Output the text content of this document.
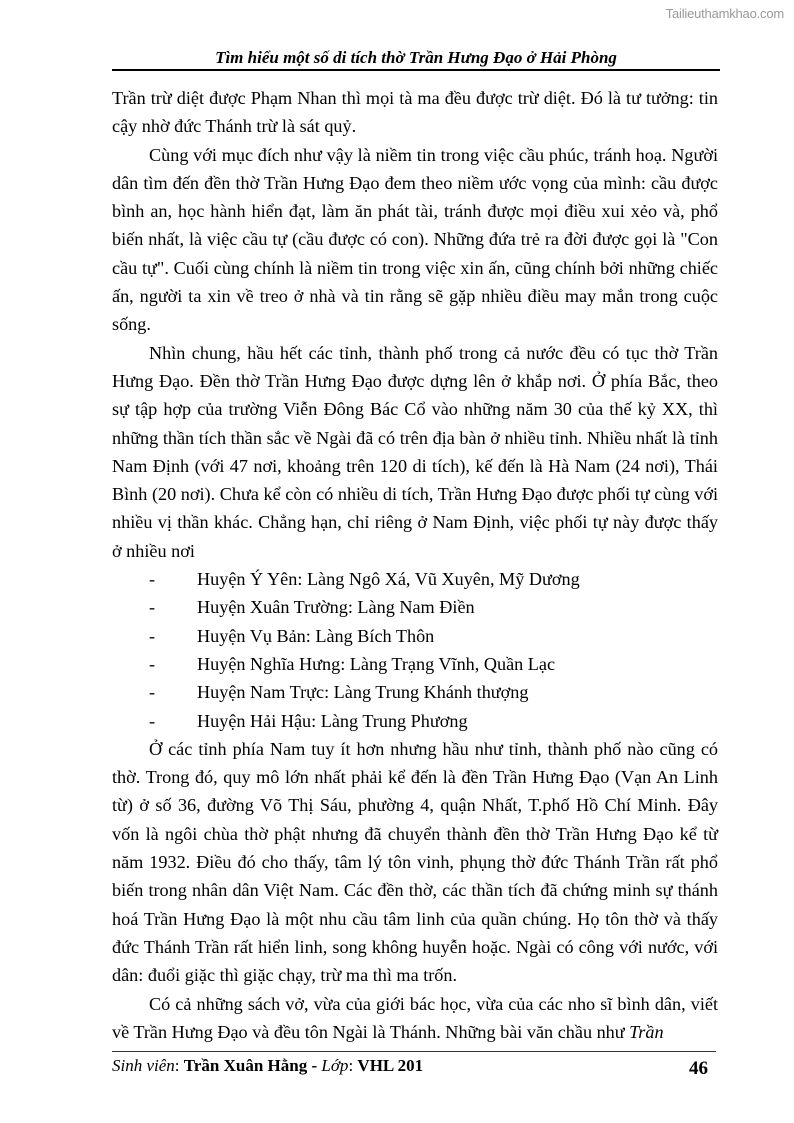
Tailieuthamkhao.com
Tìm hiểu một số di tích thờ Trần Hưng Đạo ở Hải Phòng

Trần trừ diệt được Phạm Nhan thì mọi tà ma đều được trừ diệt. Đó là tư tưởng: tin cậy nhờ đức Thánh trừ là sát quỷ.

Cùng với mục đích như vậy là niềm tin trong việc cầu phúc, tránh hoạ. Người dân tìm đến đền thờ Trần Hưng Đạo đem theo niềm ước vọng của mình: cầu được bình an, học hành hiển đạt, làm ăn phát tài, tránh được mọi điều xui xẻo và, phổ biến nhất, là việc cầu tự (cầu được có con). Những đứa trẻ ra đời được gọi là "Con cầu tự". Cuối cùng chính là niềm tin trong việc xin ấn, cũng chính bởi những chiếc ấn, người ta xin về treo ở nhà và tin rằng sẽ gặp nhiều điều may mắn trong cuộc sống.

Nhìn chung, hầu hết các tỉnh, thành phố trong cả nước đều có tục thờ Trần Hưng Đạo. Đền thờ Trần Hưng Đạo được dựng lên ở khắp nơi. Ở phía Bắc, theo sự tập hợp của trường Viễn Đông Bác Cổ vào những năm 30 của thế kỷ XX, thì những thần tích thần sắc về Ngài đã có trên địa bàn ở nhiều tỉnh. Nhiều nhất là tỉnh Nam Định (với 47 nơi, khoảng trên 120 di tích), kế đến là Hà Nam (24 nơi), Thái Bình (20 nơi). Chưa kể còn có nhiều di tích, Trần Hưng Đạo được phối tự cùng với nhiều vị thần khác. Chẳng hạn, chỉ riêng ở Nam Định, việc phối tự này được thấy ở nhiều nơi

- Huyện Ý Yên: Làng Ngô Xá, Vũ Xuyên, Mỹ Dương
- Huyện Xuân Trường: Làng Nam Điền
- Huyện Vụ Bản: Làng Bích Thôn
- Huyện Nghĩa Hưng: Làng Trạng Vĩnh, Quần Lạc
- Huyện Nam Trực: Làng Trung Khánh thượng
- Huyện Hải Hậu: Làng Trung Phương

Ở các tỉnh phía Nam tuy ít hơn nhưng hầu như tỉnh, thành phố nào cũng có thờ. Trong đó, quy mô lớn nhất phải kể đến là đền Trần Hưng Đạo (Vạn An Linh từ) ở số 36, đường Võ Thị Sáu, phường 4, quận Nhất, T.phố Hồ Chí Minh. Đây vốn là ngôi chùa thờ phật nhưng đã chuyển thành đền thờ Trần Hưng Đạo kể từ năm 1932. Điều đó cho thấy, tâm lý tôn vinh, phụng thờ đức Thánh Trần rất phổ biến trong nhân dân Việt Nam. Các đền thờ, các thần tích đã chứng minh sự thánh hoá Trần Hưng Đạo là một nhu cầu tâm linh của quần chúng. Họ tôn thờ và thấy đức Thánh Trần rất hiển linh, song không huyễn hoặc. Ngài có công với nước, với dân: đuổi giặc thì giặc chạy, trừ ma thì ma trốn.

Có cả những sách vở, vừa của giới bác học, vừa của các nho sĩ bình dân, viết về Trần Hưng Đạo và đều tôn Ngài là Thánh. Những bài văn chầu như Trần

Sinh viên: Trần Xuân Hằng - Lớp: VHL 201	46
